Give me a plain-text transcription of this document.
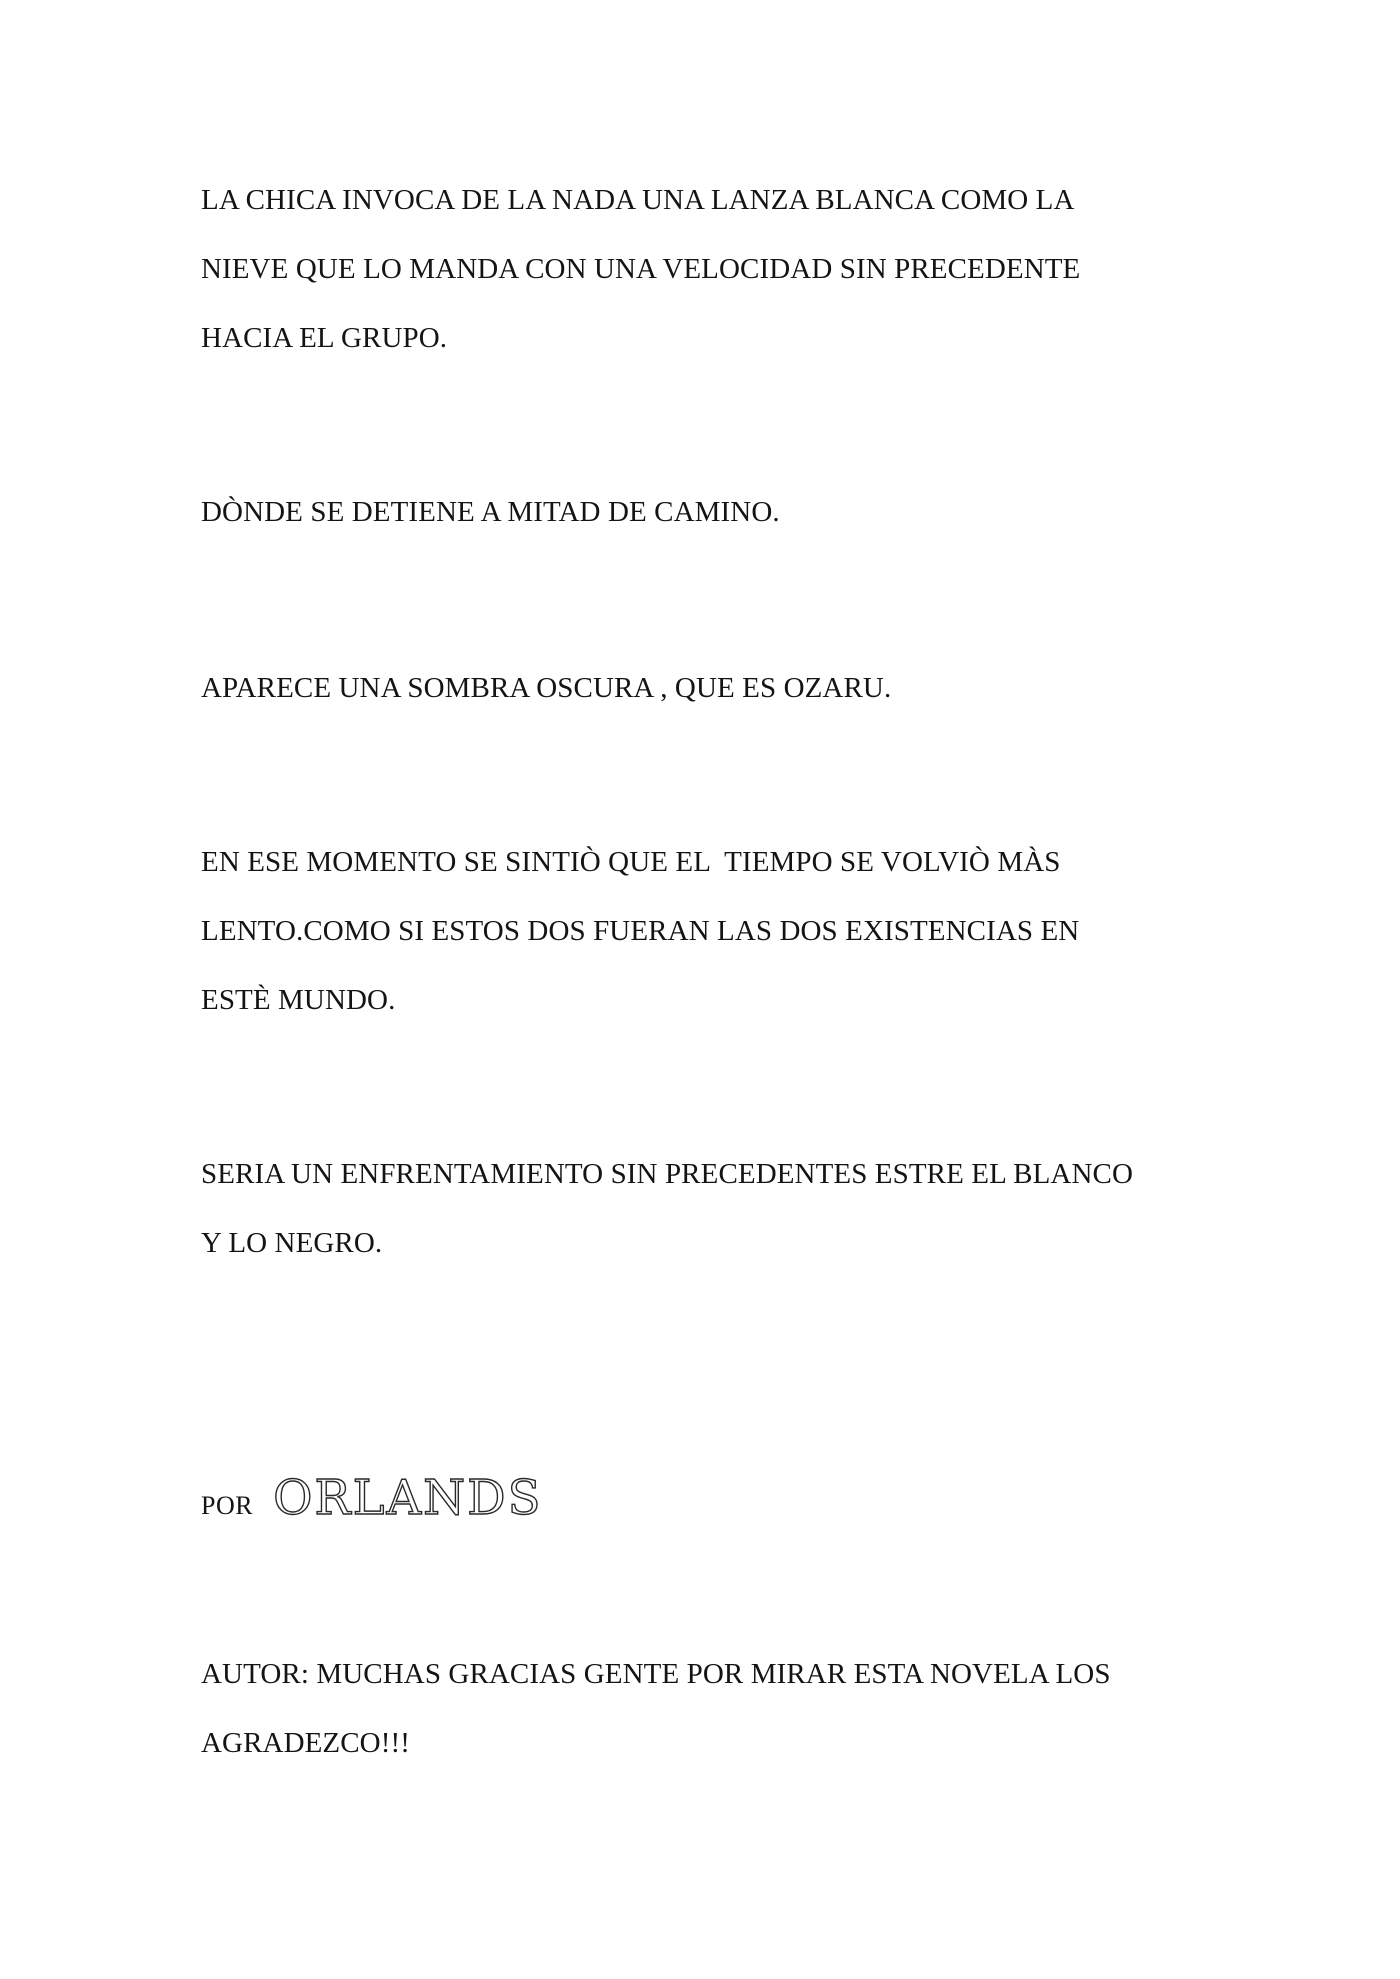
LA CHICA INVOCA DE LA NADA UNA LANZA BLANCA COMO LA
NIEVE QUE LO MANDA CON UNA VELOCIDAD SIN PRECEDENTE
HACIA EL GRUPO.

DÒNDE SE DETIENE A MITAD DE CAMINO.

APARECE UNA SOMBRA OSCURA , QUE ES OZARU.

EN ESE MOMENTO SE SINTIÒ QUE EL  TIEMPO SE VOLVIÒ MÀS
LENTO.COMO SI ESTOS DOS FUERAN LAS DOS EXISTENCIAS EN
ESTÈ MUNDO.

SERIA UN ENFRENTAMIENTO SIN PRECEDENTES ESTRE EL BLANCO
Y LO NEGRO.

POR ORLANDS

AUTOR: MUCHAS GRACIAS GENTE POR MIRAR ESTA NOVELA LOS
AGRADEZCO!!!
